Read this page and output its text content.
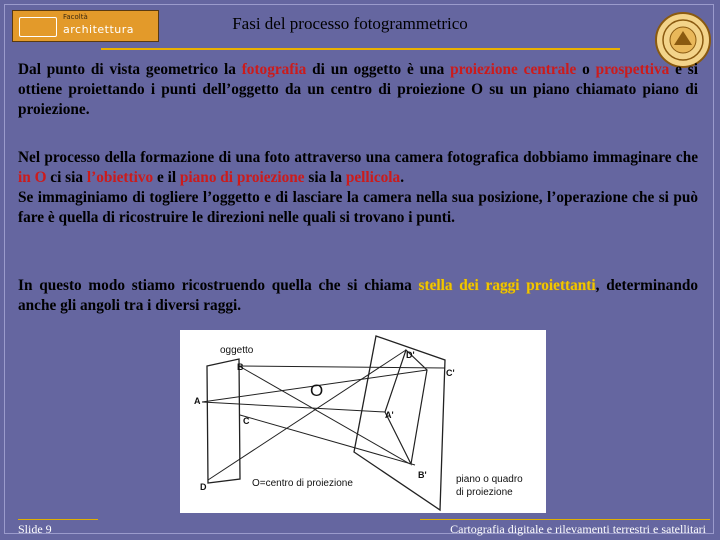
Facoltà
architettura	Fasi del processo fotogrammetrico

Dal punto di vista geometrico la fotografia di un oggetto è una proiezione centrale o prospettiva e si ottiene proiettando i punti dell’oggetto da un centro di proiezione O su un piano chiamato piano di proiezione.

Nel processo della formazione di una foto attraverso una camera fotografica dobbiamo immaginare che in O ci sia l’obiettivo e il piano di proiezione sia la pellicola.

Se immaginiamo di togliere l’oggetto e di lasciare la camera nella sua posizione, l’operazione che si può fare è quella di ricostruire le direzioni nelle quali si trovano i punti.

In questo modo stiamo ricostruendo quella che si chiama stella dei raggi proiettanti, determinando anche gli angoli tra i diversi raggi.

oggetto
O
A
B
C
D
D'
C'
A'
B'
O=centro di proiezione	piano o quadro
di proiezione
Slide 9	Cartografia digitale e rilevamenti terrestri e satellitari
